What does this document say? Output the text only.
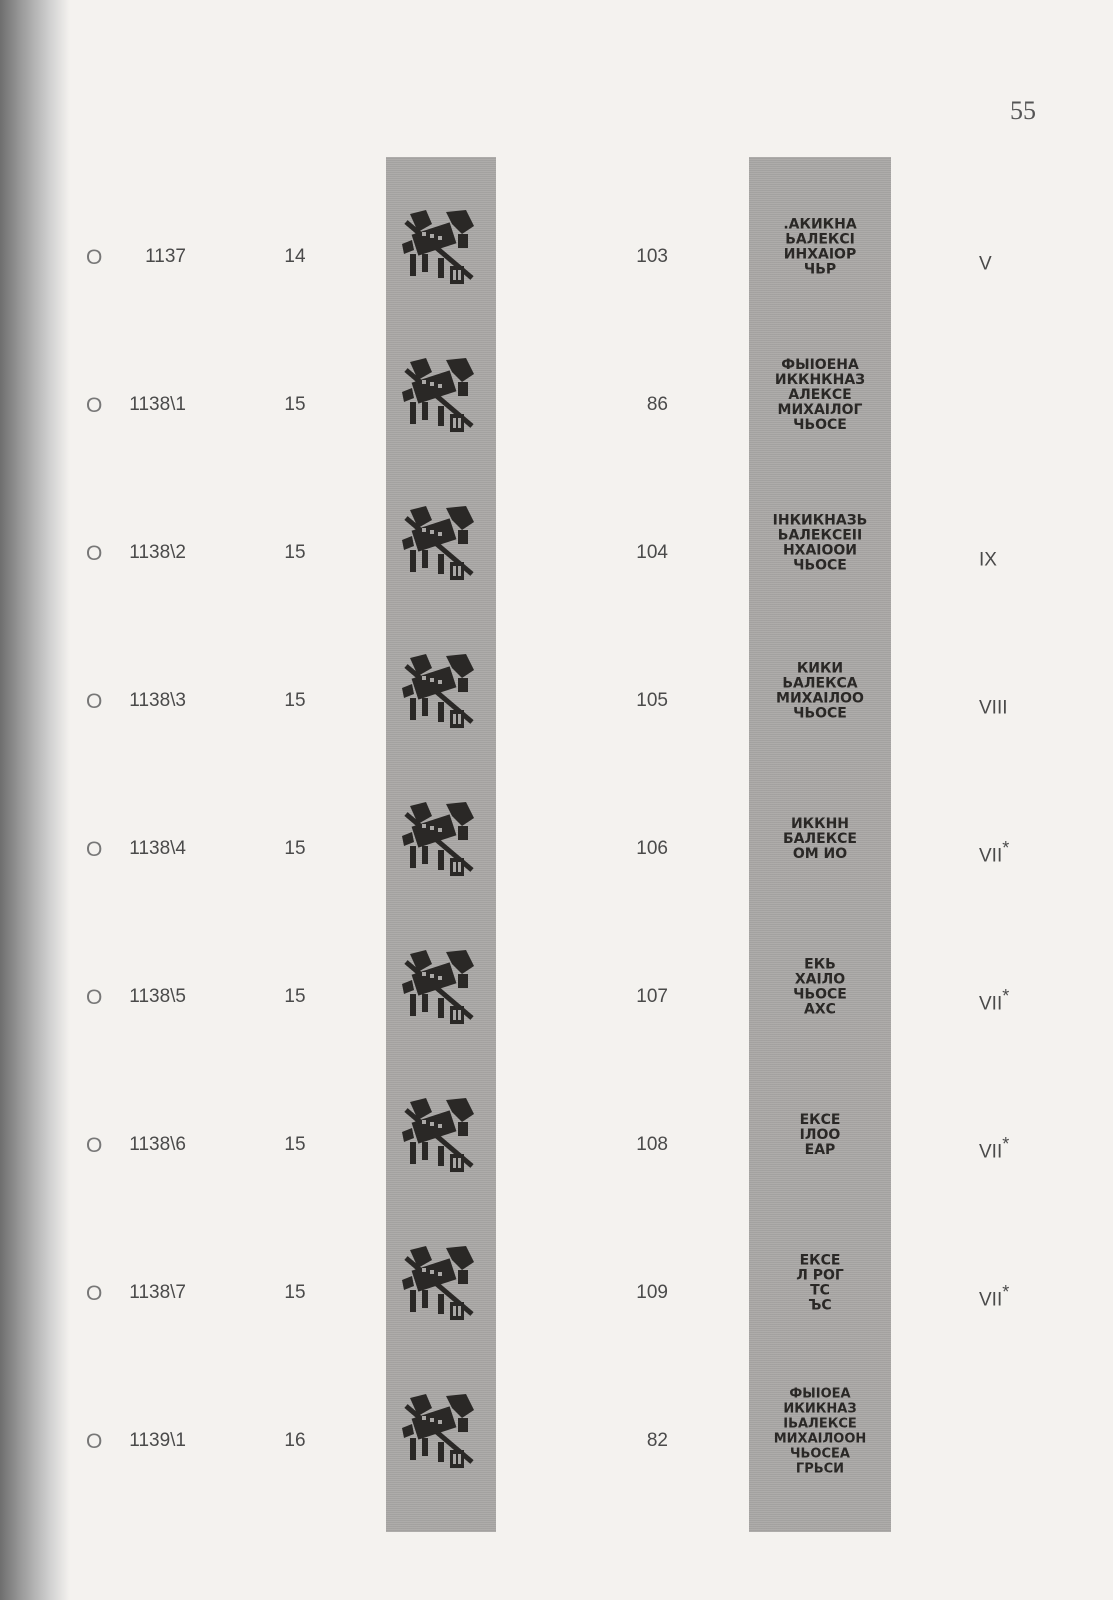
55
O	1137	14	103
.АКИКНА
ЬАЛЕКСІ
ИНХАІОР
ЧЬР	V
O 1138\1	15	86
ФЫІОЕНА
ИККНКНАЗ
АЛЕКСЕ
МИХАІЛОГ
ЧЬОСЕ
O 1138\2	15	104
ІНКИКНАЗЬ
ЬАЛЕКСЕІІ
НХАІООИ
ЧЬОСЕ	IX
O 1138\3	15	105
КИКИ
ЬАЛЕКСА
МИХАІЛОО
ЧЬОСЕ	VIII
O 1138\4	15	106
ИККНН
БАЛЕКСЕ
ОМ ИО	VII*
O 1138\5	15	107
ЕКЬ
ХАІЛО
ЧЬОСЕ
АХС	VII*
O 1138\6	15	108
ЕКСЕ
ІЛОО
ЕАР	VII*
O 1138\7	15	109
ЕКСЕ
Л РОГ
ТС
ЪС	VII*
O 1139\1	16	82
ФЫІОЕА
ИКИКНАЗ
ІЬАЛЕКСЕ
МИХАІЛООН
ЧЬОСЕА
ГРЬСИ
